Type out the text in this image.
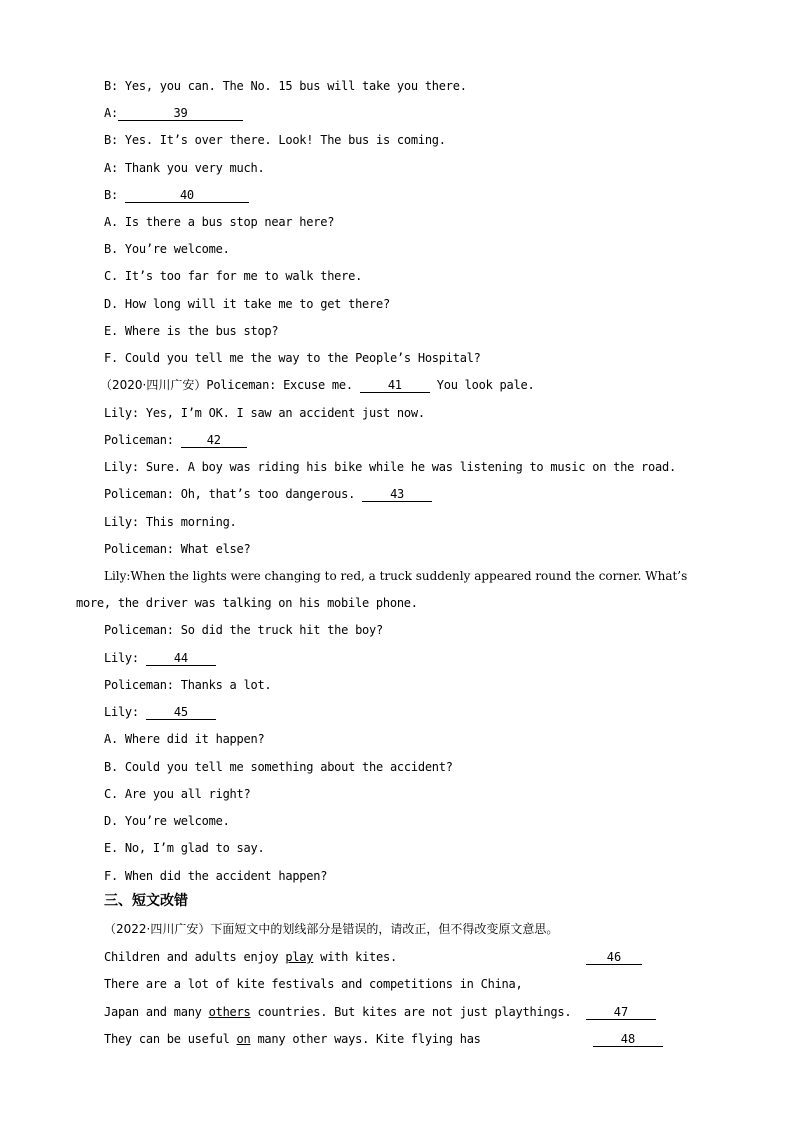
B: Yes, you can. The No. 15 bus will take you there.
A:	39
B: Yes. It’s over there. Look! The bus is coming.
A: Thank you very much.
B:	40
A. Is there a bus stop near here?
B. You’re welcome.
C. It’s too far for me to walk there.
D. How long will it take me to get there?
E. Where is the bus stop?
F. Could you tell me the way to the People’s Hospital?
（2020·四川广安）Policeman: Excuse me. 41 You look pale.
Lily: Yes, I’m OK. I saw an accident just now.
Policeman: 42
Lily: Sure. A boy was riding his bike while he was listening to music on the road.
Policeman: Oh, that’s too dangerous. 43
Lily: This morning.
Policeman: What else?
Lily:When the lights were changing to red, a truck suddenly appeared round the corner. What’s
more, the driver was talking on his mobile phone.
Policeman: So did the truck hit the boy?
Lily: 44
Policeman: Thanks a lot.
Lily: 45
A. Where did it happen?
B. Could you tell me something about the accident?
C. Are you all right?
D. You’re welcome.
E. No, I’m glad to say.
F. When did the accident happen?
三、短文改错
（2022·四川广安）下面短文中的划线部分是错误的，请改正，但不得改变原文意思。
Children and adults enjoy play with kites.	46
There are a lot of kite festivals and competitions in China,
Japan and many others countries. But kites are not just playthings.	47
They can be useful on many other ways. Kite flying has	48
